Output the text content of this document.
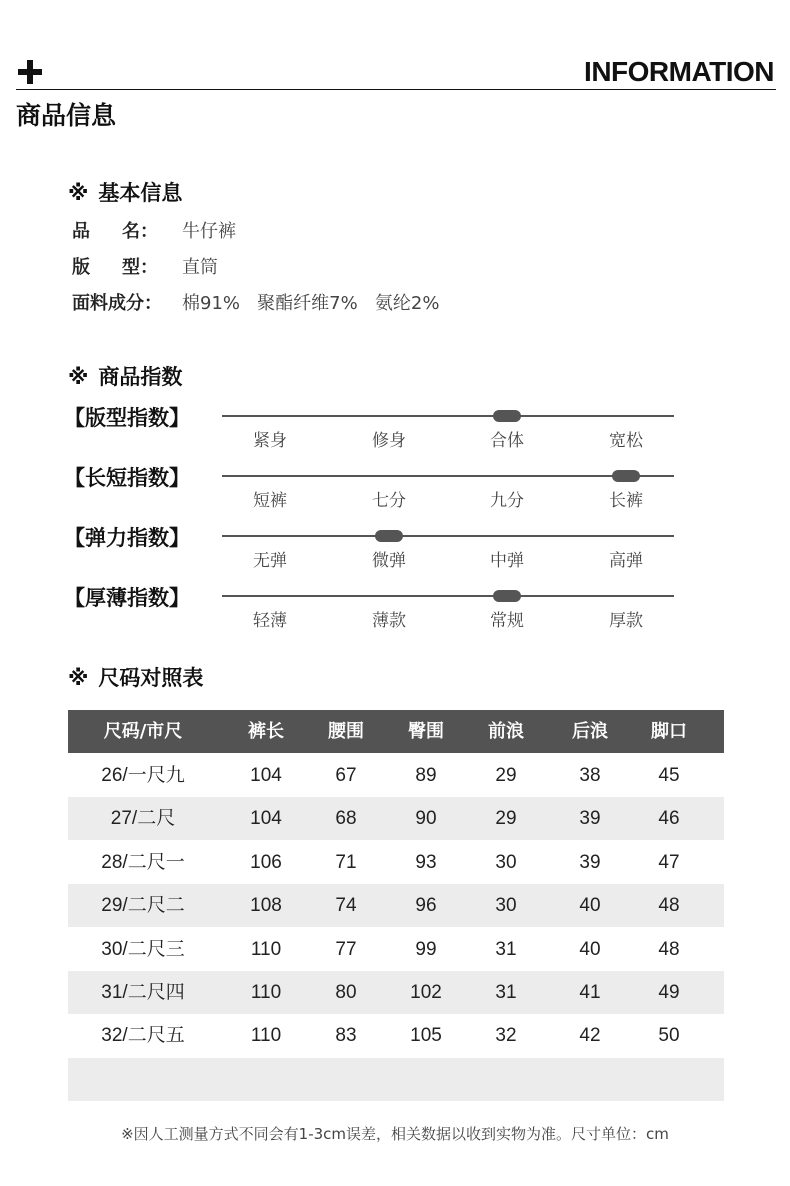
INFORMATION
商品信息
※ 基本信息
品 名： 牛仔裤
版 型： 直筒
面料成分： 棉91%   聚酯纤维7%   氨纶2%
※ 商品指数
【版型指数】
紧身	修身	合体	宽松
【长短指数】
短裤	七分	九分	长裤
【弹力指数】
无弹	微弹	中弹	高弹
【厚薄指数】
轻薄	薄款	常规	厚款
※ 尺码对照表
尺码/市尺	裤长	腰围	臀围	前浪	后浪	脚口
26/一尺九	104	67	89	29	38	45
27/二尺	104	68	90	29	39	46
28/二尺一	106	71	93	30	39	47
29/二尺二	108	74	96	30	40	48
30/二尺三	110	77	99	31	40	48
31/二尺四	110	80	102	31	41	49
32/二尺五	110	83	105	32	42	50
※因人工测量方式不同会有1-3cm误差，相关数据以收到实物为准。尺寸单位：cm
